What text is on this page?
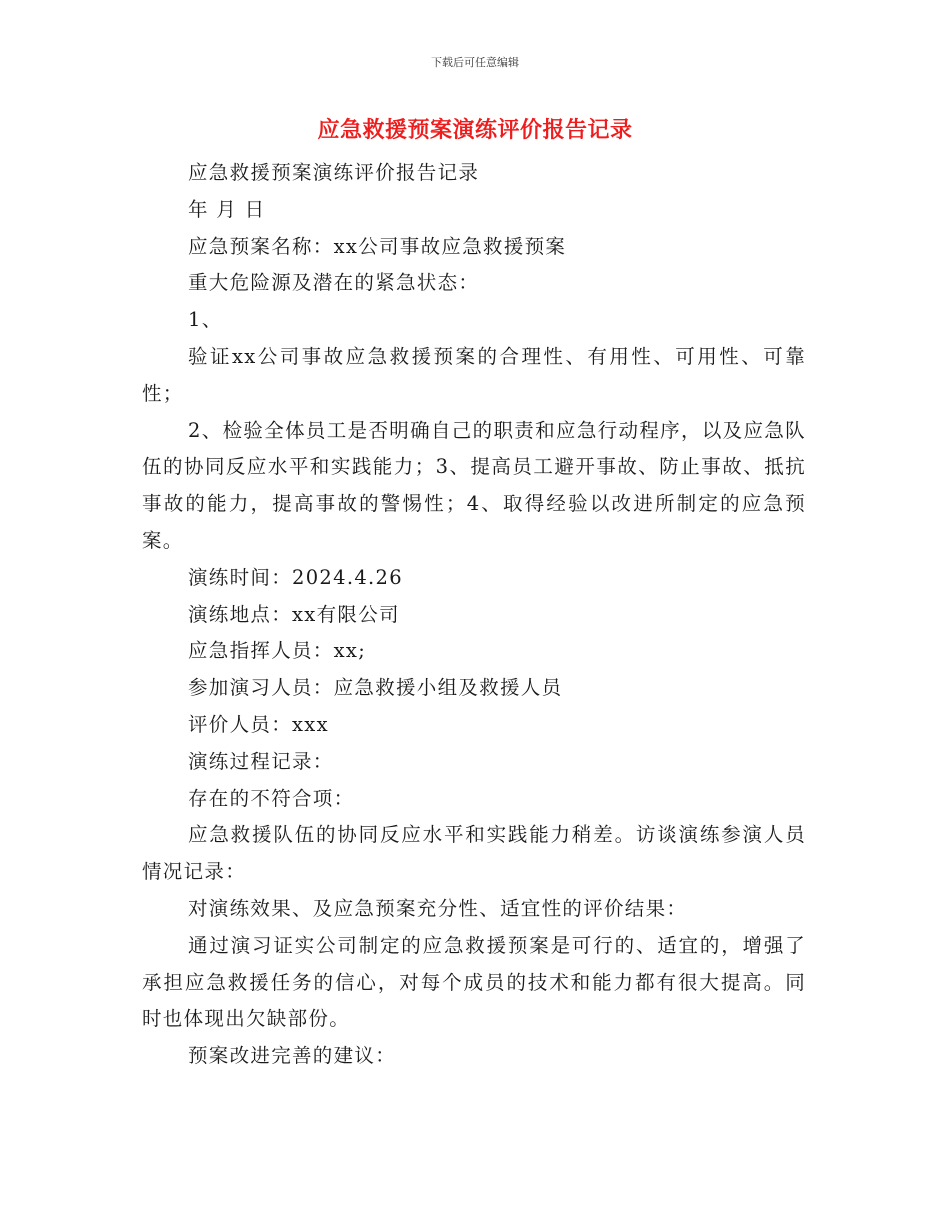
下载后可任意编辑
应急救援预案演练评价报告记录

应急救援预案演练评价报告记录

年 月 日

应急预案名称：xx公司事故应急救援预案

重大危险源及潜在的紧急状态：

1、

验证xx公司事故应急救援预案的合理性、有用性、可用性、可靠性；

2、检验全体员工是否明确自己的职责和应急行动程序，以及应急队伍的协同反应水平和实践能力；3、提高员工避开事故、防止事故、抵抗事故的能力，提高事故的警惕性；4、取得经验以改进所制定的应急预案。

演练时间：2024.4.26

演练地点：xx有限公司

应急指挥人员：xx;

参加演习人员：应急救援小组及救援人员

评价人员：xxx

演练过程记录：

存在的不符合项：

应急救援队伍的协同反应水平和实践能力稍差。访谈演练参演人员情况记录：

对演练效果、及应急预案充分性、适宜性的评价结果：

通过演习证实公司制定的应急救援预案是可行的、适宜的，增强了承担应急救援任务的信心，对每个成员的技术和能力都有很大提高。同时也体现出欠缺部份。

预案改进完善的建议：
